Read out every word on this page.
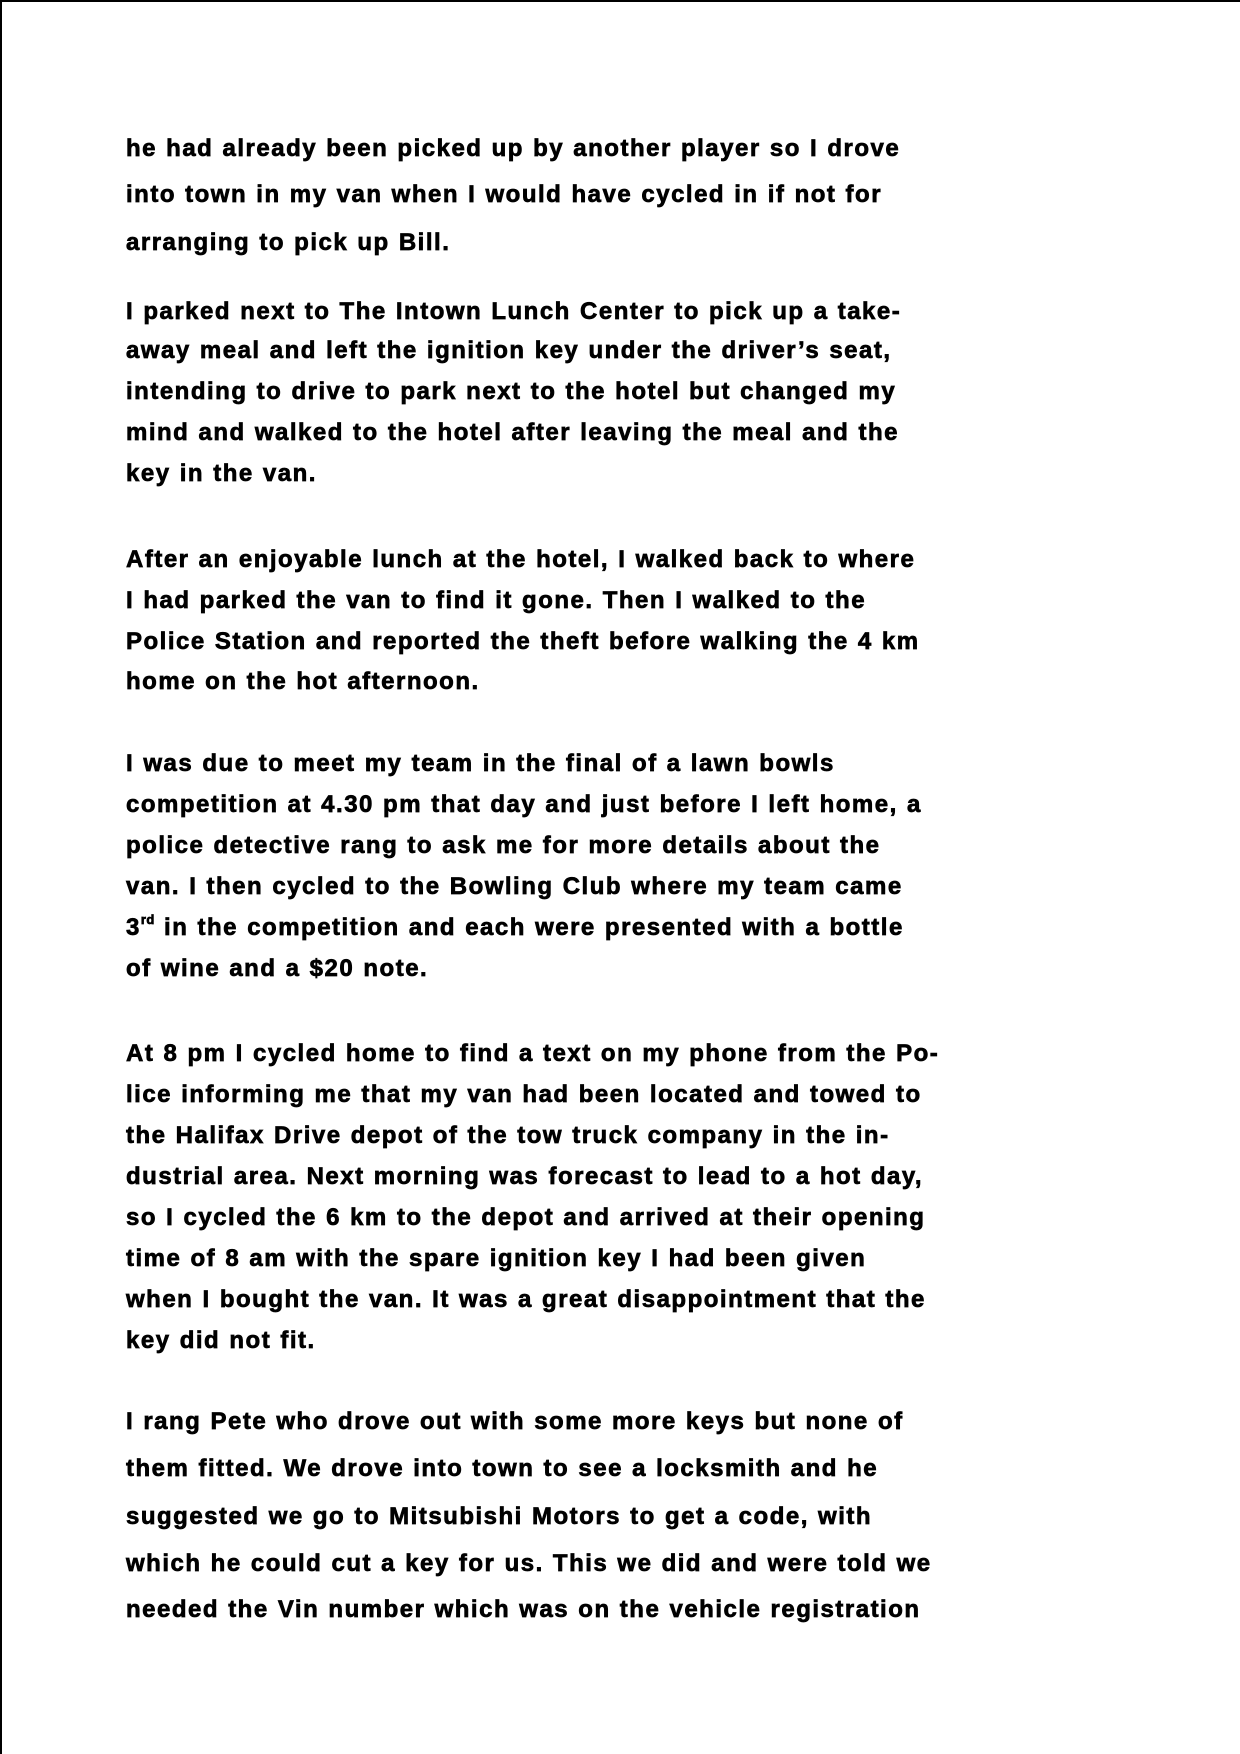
he had already been picked up by another player so I drove
into town in my van when I would have cycled in if not for
arranging to pick up Bill.
I parked next to The Intown Lunch Center to pick up a take-
away meal and left the ignition key under the driver’s seat,
intending to drive to park next to the hotel but changed my
mind and walked to the hotel after leaving the meal and the
key in the van.
After an enjoyable lunch at the hotel, I walked back to where
I had parked the van to find it gone. Then I walked to the
Police Station and reported the theft before walking the 4 km
home on the hot afternoon.
I was due to meet my team in the final of a lawn bowls
competition at 4.30 pm that day and just before I left home, a
police detective rang to ask me for more details about the
van. I then cycled to the Bowling Club where my team came
3rd in the competition and each were presented with a bottle
of wine and a $20 note.
At 8 pm I cycled home to find a text on my phone from the Po-
lice informing me that my van had been located and towed to
the Halifax Drive depot of the tow truck company in the in-
dustrial area. Next morning was forecast to lead to a hot day,
so I cycled the 6 km to the depot and arrived at their opening
time of 8 am with the spare ignition key I had been given
when I bought the van. It was a great disappointment that the
key did not fit.
I rang Pete who drove out with some more keys but none of
them fitted. We drove into town to see a locksmith and he
suggested we go to Mitsubishi Motors to get a code, with
which he could cut a key for us. This we did and were told we
needed the Vin number which was on the vehicle registration
